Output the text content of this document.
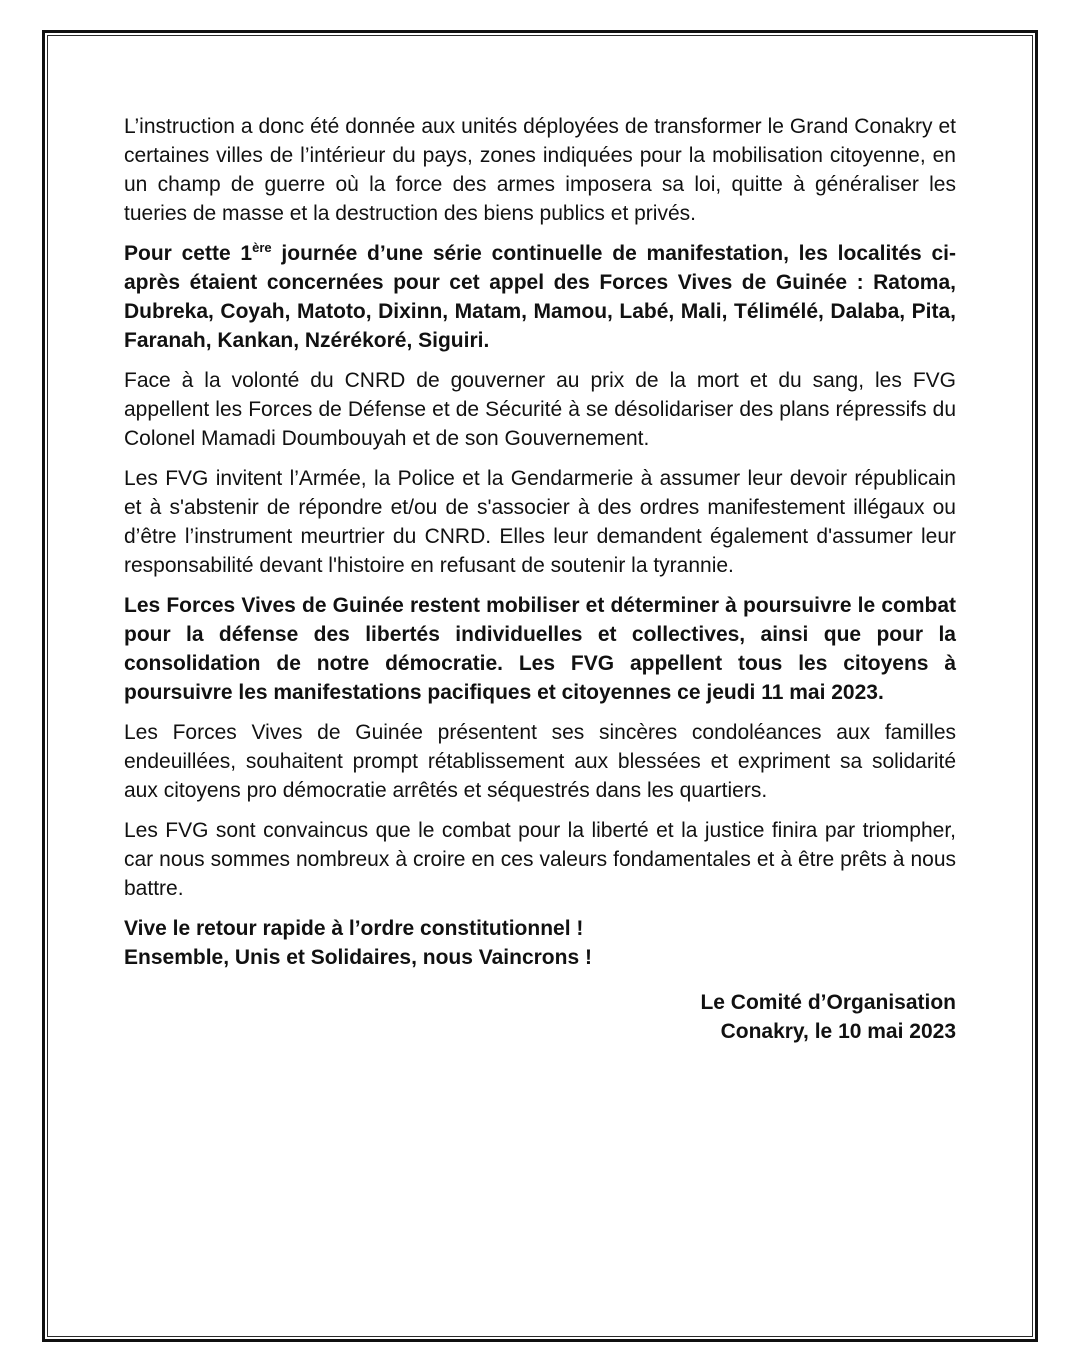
L’instruction a donc été donnée aux unités déployées de transformer le Grand Conakry et certaines villes de l’intérieur du pays, zones indiquées pour la mobilisation citoyenne, en un champ de guerre où la force des armes imposera sa loi, quitte à généraliser les tueries de masse et la destruction des biens publics et privés.

Pour cette 1ère journée d’une série continuelle de manifestation, les localités ci-après étaient concernées pour cet appel des Forces Vives de Guinée : Ratoma, Dubreka, Coyah, Matoto, Dixinn, Matam, Mamou, Labé, Mali, Télimélé, Dalaba, Pita, Faranah, Kankan, Nzérékoré, Siguiri.

Face à la volonté du CNRD de gouverner au prix de la mort et du sang, les FVG appellent les Forces de Défense et de Sécurité à se désolidariser des plans répressifs du Colonel Mamadi Doumbouyah et de son Gouvernement.

Les FVG invitent l’Armée, la Police et la Gendarmerie à assumer leur devoir républicain et à s'abstenir de répondre et/ou de s'associer à des ordres manifestement illégaux ou d’être l’instrument meurtrier du CNRD. Elles leur demandent également d'assumer leur responsabilité devant l'histoire en refusant de soutenir la tyrannie.

Les Forces Vives de Guinée restent mobiliser et déterminer à poursuivre le combat pour la défense des libertés individuelles et collectives, ainsi que pour la consolidation de notre démocratie. Les FVG appellent tous les citoyens à poursuivre les manifestations pacifiques et citoyennes ce jeudi 11 mai 2023.

Les Forces Vives de Guinée présentent ses sincères condoléances aux familles endeuillées, souhaitent prompt rétablissement aux blessées et expriment sa solidarité aux citoyens pro démocratie arrêtés et séquestrés dans les quartiers.

Les FVG sont convaincus que le combat pour la liberté et la justice finira par triompher, car nous sommes nombreux à croire en ces valeurs fondamentales et à être prêts à nous battre.

Vive le retour rapide à l’ordre constitutionnel !
Ensemble, Unis et Solidaires, nous Vaincrons !
Le Comité d’Organisation
Conakry, le 10 mai 2023
